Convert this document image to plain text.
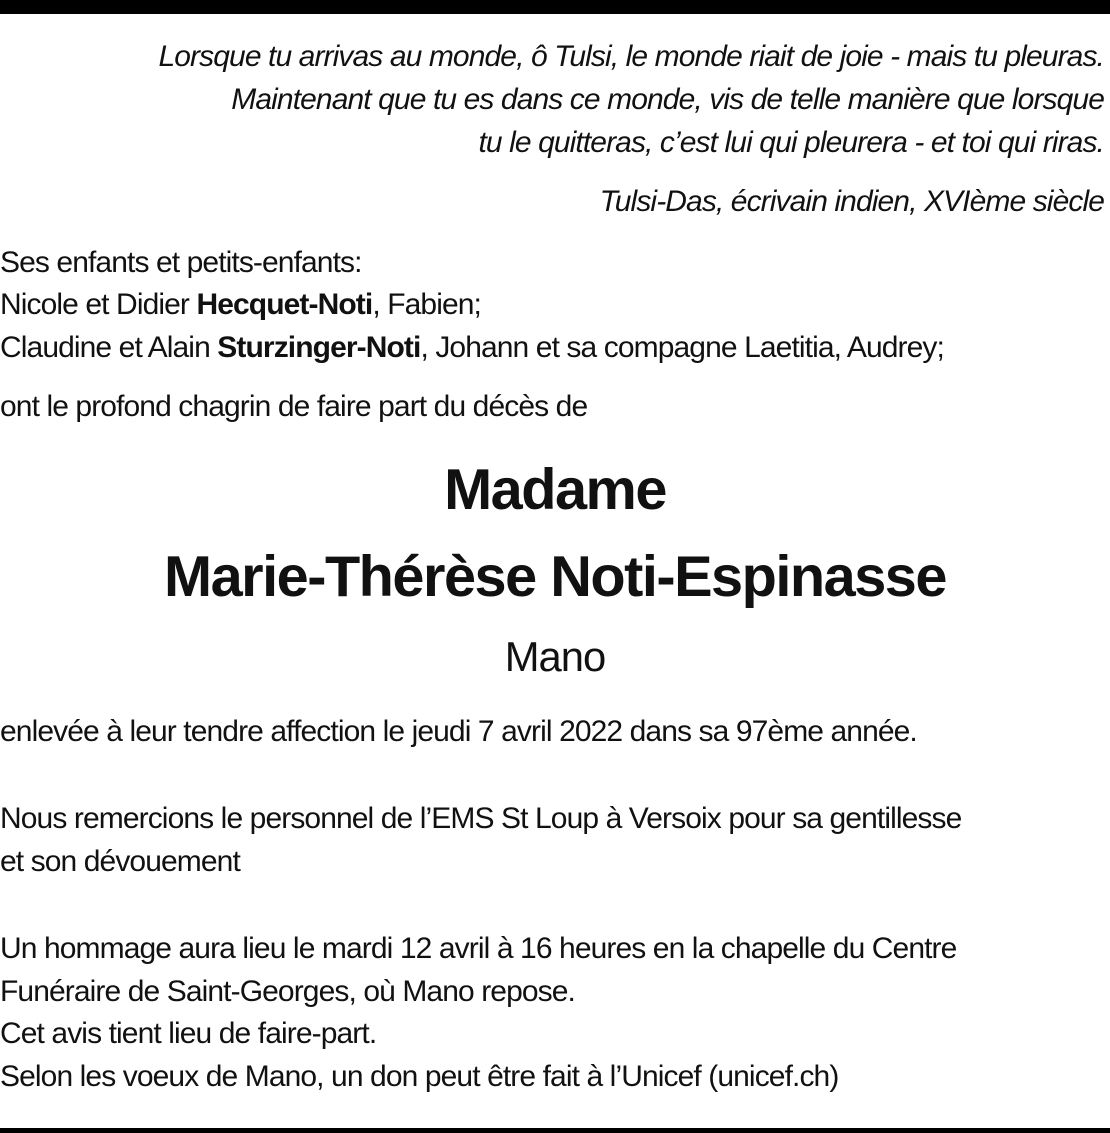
Lorsque tu arrivas au monde, ô Tulsi, le monde riait de joie - mais tu pleuras.
Maintenant que tu es dans ce monde, vis de telle manière que lorsque
tu le quitteras, c’est lui qui pleurera - et toi qui riras.
Tulsi-Das, écrivain indien, XVIème siècle
Ses enfants et petits-enfants:
Nicole et Didier Hecquet-Noti, Fabien;
Claudine et Alain Sturzinger-Noti, Johann et sa compagne Laetitia, Audrey;
ont le profond chagrin de faire part du décès de
Madame
Marie-Thérèse Noti-Espinasse
Mano
enlevée à leur tendre affection le jeudi 7 avril 2022 dans sa 97ème année.
Nous remercions le personnel de l’EMS St Loup à Versoix pour sa gentillesse
et son dévouement
Un hommage aura lieu le mardi 12 avril à 16 heures en la chapelle du Centre
Funéraire de Saint-Georges, où Mano repose.
Cet avis tient lieu de faire-part.
Selon les voeux de Mano, un don peut être fait à l’Unicef (unicef.ch)
